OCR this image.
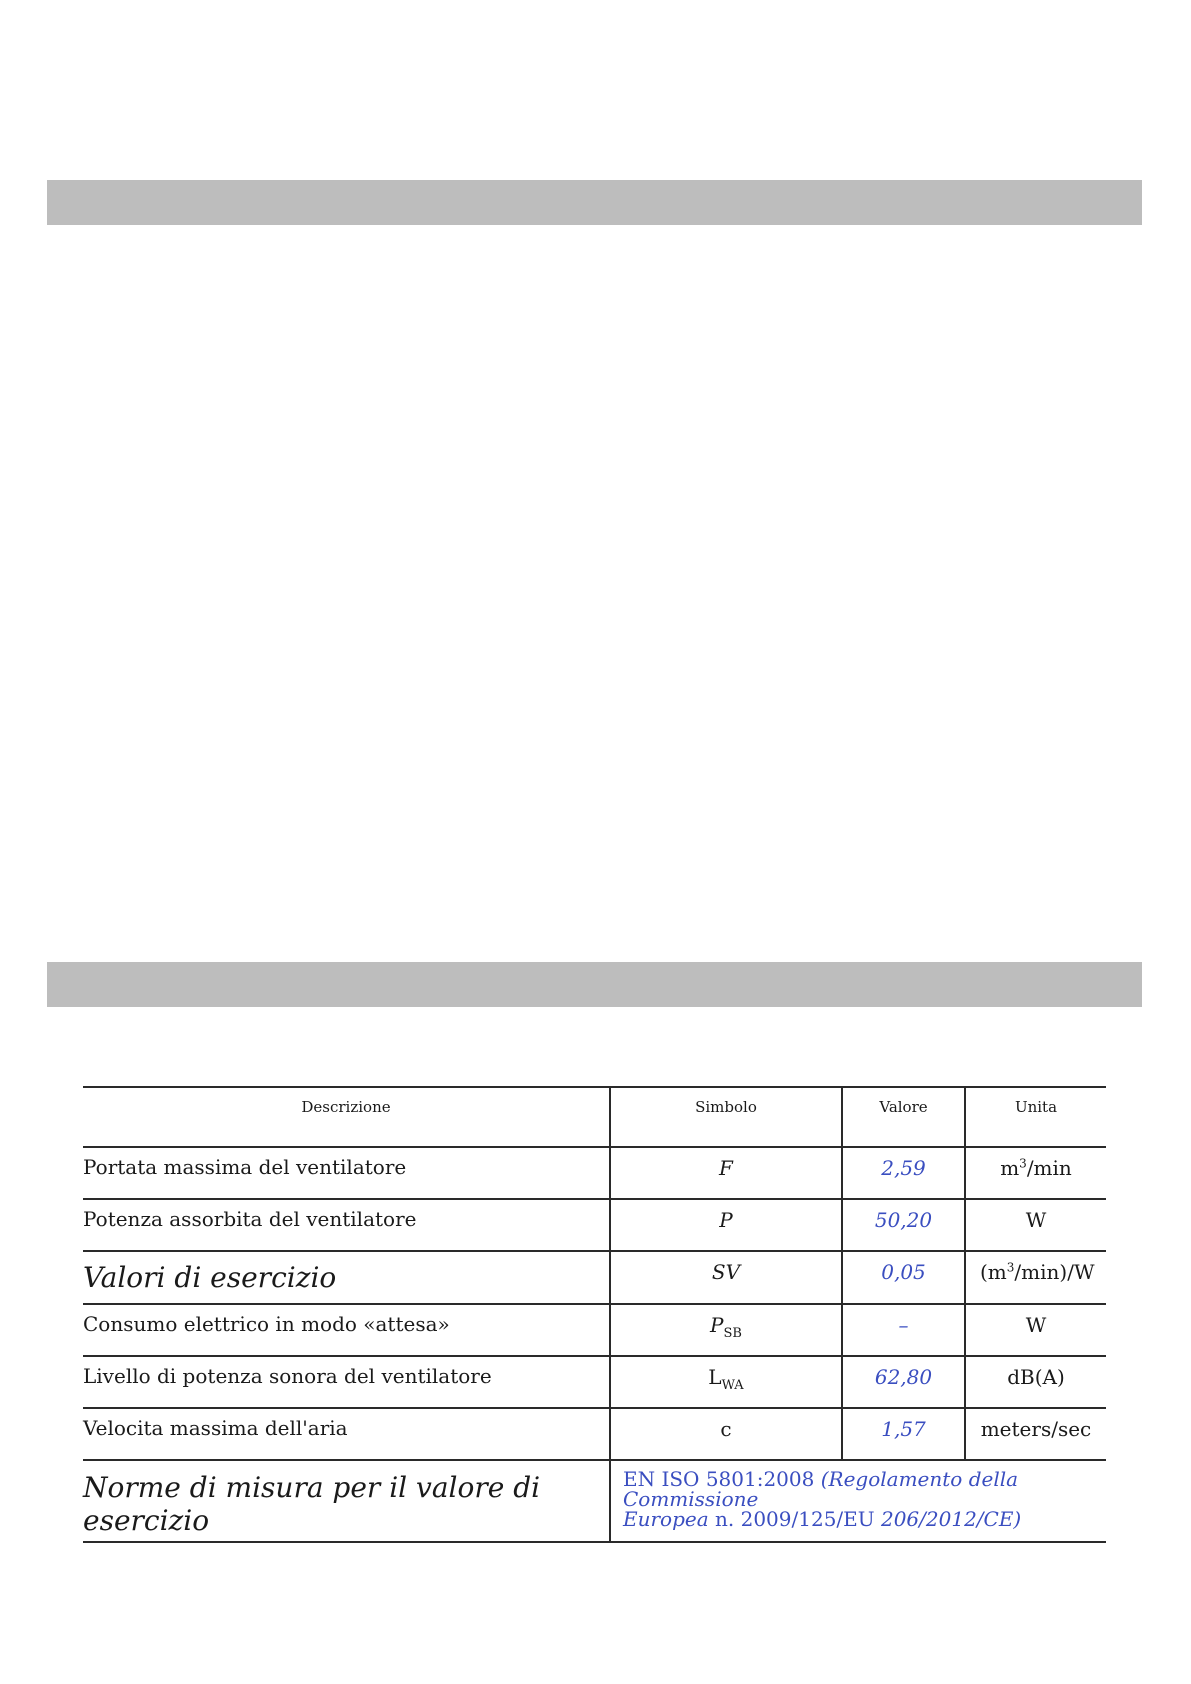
Descrizione	Simbolo	Valore	Unita
Portata massima del ventilatore	F	2,59	$m^3/\min$
Potenza assorbita del ventilatore	P	50,20	W
Valori di esercizio	SV	0,05	$(m^3/\min)/W$
Consumo elettrico in modo «attesa»	$P_{SB}$	–	W
Livello di potenza sonora del ventilatore	$L_{WA}$	62,80	dB(A)
Velocita massima dell'aria	c	1,57	meters/sec
Norme di misura per il valore di esercizio	EN ISO 5801:2008 (Regolamento della Commissione
Europea n. 2009/125/EU 206/2012/CE)		
